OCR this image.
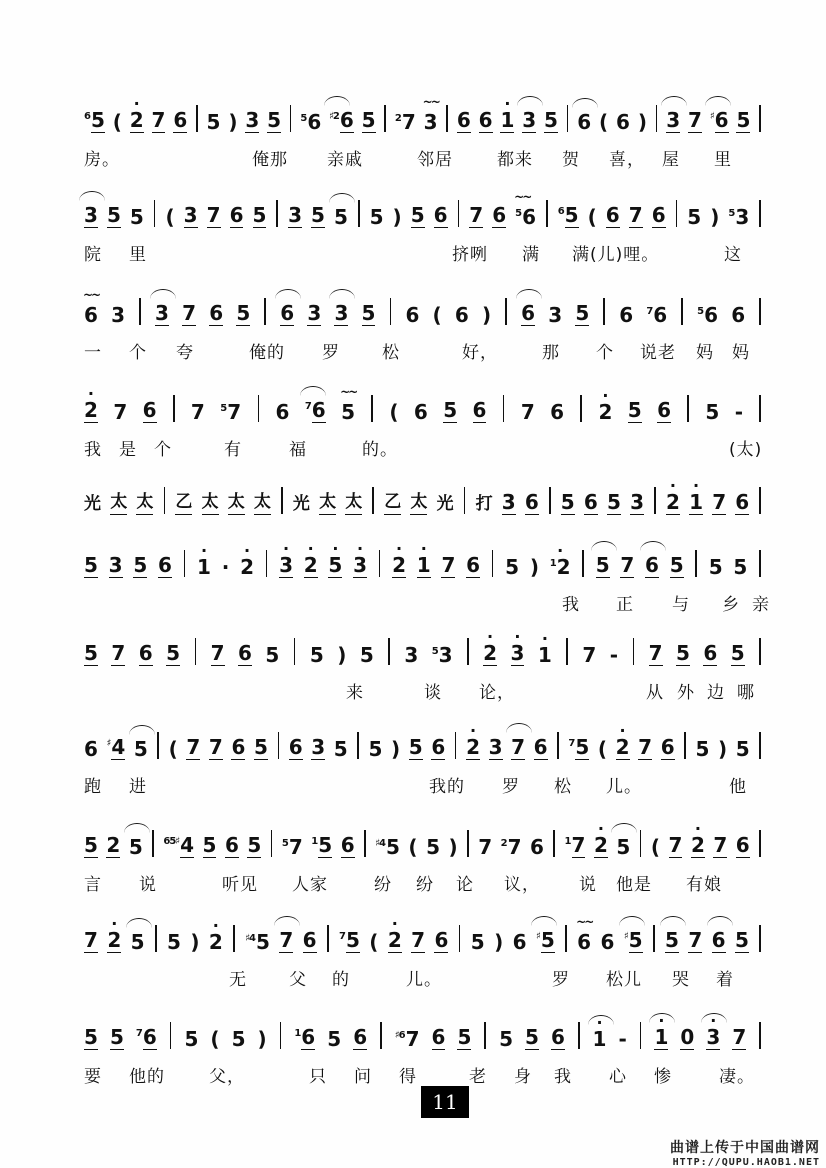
$^6$5 (
·
2 7 6 5 ) 3 5 $^5$6 $^{♯2}$6 5 $^2$7
~~
3 6 6
·
1 3 5 6 ( 6 ) 3 7 ♯6 5
房。	俺那 亲戚	邻居	都来 贺 喜， 屋 里
3 5 5 ( 3 7 6 5 3 5 5 5 ) 5 6 7 6
~~
$^5$6 $^6$5 ( 6 7 6 5 ) $^5$3
院 里	挤咧 满 满(儿)哩。	这
~~
6 3 3 7 6 5 6 3 3 5 6 ( 6 ) 6 3 5 6 $^7$6	$^5$6 6
一 个 夸	俺的 罗 松	好，	那 个 说老 妈 妈
·
2 7 6 7 $^5$7 6 $^7$6
~~
5 ( 6 5 6 7 6
·
2 5 6 5 -
我 是 个	有	福	的。	(太)
光 太 太 乙 太 太 太 光 太 太 乙 太 光 打 3 6 5 6 5 3
·
2
·
1 7 6
5 3 5 6
·
1 ·
·
2
·
3
·
2
·
5
·
3
·
2
·
1 7 6 5 )
·
$^1$2 5 7 6 5 5 5
我 正 与 乡 亲
5 7 6 5 7 6 5 5 ) 5 3 $^5$3
·
2
·
3
·
1 7 - 7 5 6 5
来	谈 论，	从 外 边 哪
6 ♯4 5 ( 7 7 6 5 6 3 5 5 ) 5 6
·
2 3 7 6 $^7$5 (
·
2 7 6 5 ) 5
跑 进	我的 罗 松 儿。	他
5 2 5 $^{65♯}$4 5 6 5 $^5$7 $^1$5 6 $^{♯4}$5 ( 5 ) 7 $^2$7 6 $^1$7
·
2 5 ( 7
·
2 7 6
言 说	听见 人家	纷 纷 论 议， 说 他是 有娘
7
·
2 5 5 )
·
2 $^{♯4}$5 7 6 $^7$5 (
·
2 7 6 5 ) 6 ♯5
~~
6 6 ♯5 5 7 6 5
无 父 的	儿。	罗 松儿 哭 着
5 5 $^7$6 5 ( 5 )	$^1$6 5 6	$^{♯6}$7 6 5 5 5 6
·
1 -
·
1 0
·
3 7
要 他的	父，	只 问 得	老 身 我 心 惨	凄。
11
曲谱上传于中国曲谱网
HTTP://QUPU.HAOB1.NET
